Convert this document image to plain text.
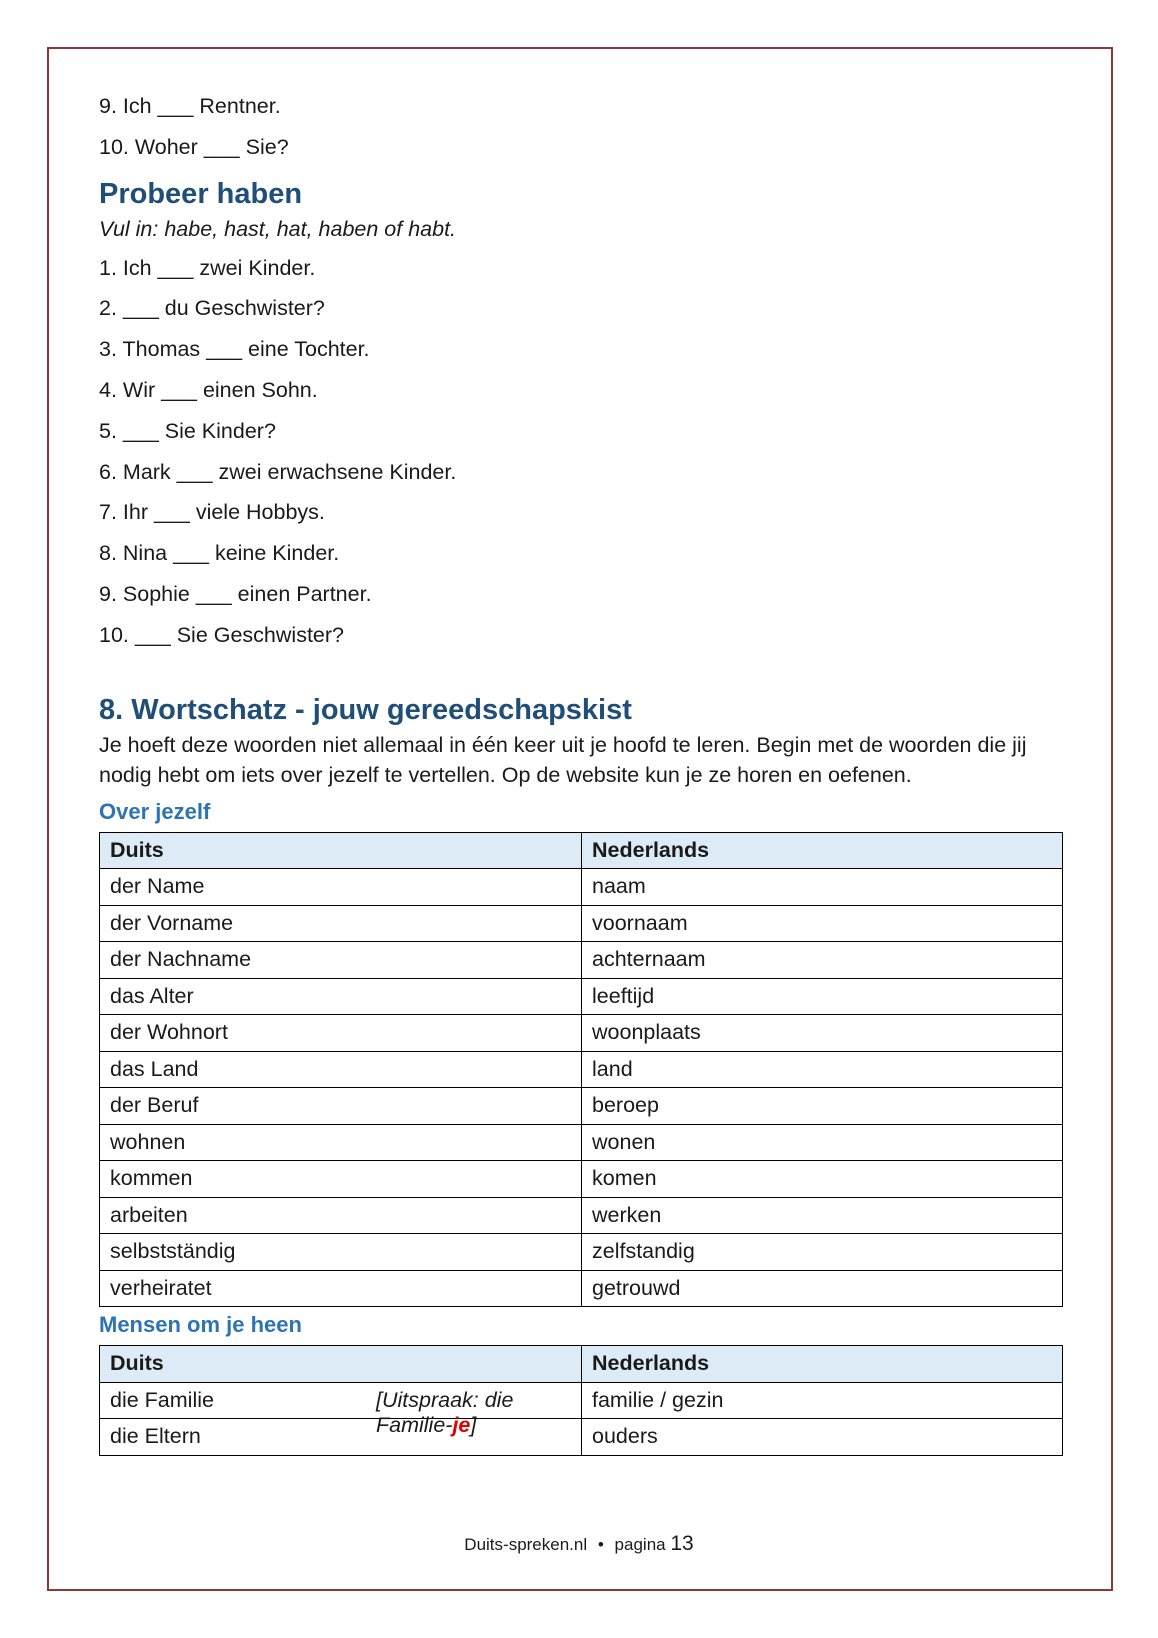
9. Ich ___ Rentner.
10. Woher ___ Sie?
Probeer haben
Vul in: habe, hast, hat, haben of habt.
1. Ich ___ zwei Kinder.
2. ___ du Geschwister?
3. Thomas ___ eine Tochter.
4. Wir ___ einen Sohn.
5. ___ Sie Kinder?
6. Mark ___ zwei erwachsene Kinder.
7. Ihr ___ viele Hobbys.
8. Nina ___ keine Kinder.
9. Sophie ___ einen Partner.
10. ___ Sie Geschwister?
8. Wortschatz - jouw gereedschapskist

Je hoeft deze woorden niet allemaal in één keer uit je hoofd te leren. Begin met de woorden die jij nodig hebt om iets over jezelf te vertellen. Op de website kun je ze horen en oefenen.

Over jezelf
Duits	Nederlands
der Name	naam
der Vorname	voornaam
der Nachname	achternaam
das Alter	leeftijd
der Wohnort	woonplaats
das Land	land
der Beruf	beroep
wohnen	wonen
kommen	komen
arbeiten	werken
selbstständig	zelfstandig
verheiratet	getrouwd
Mensen om je heen
Duits	Nederlands
die Familie [Uitspraak: die Familie-je]	familie / gezin
die Eltern	ouders
Duits-spreken.nl • pagina 13
